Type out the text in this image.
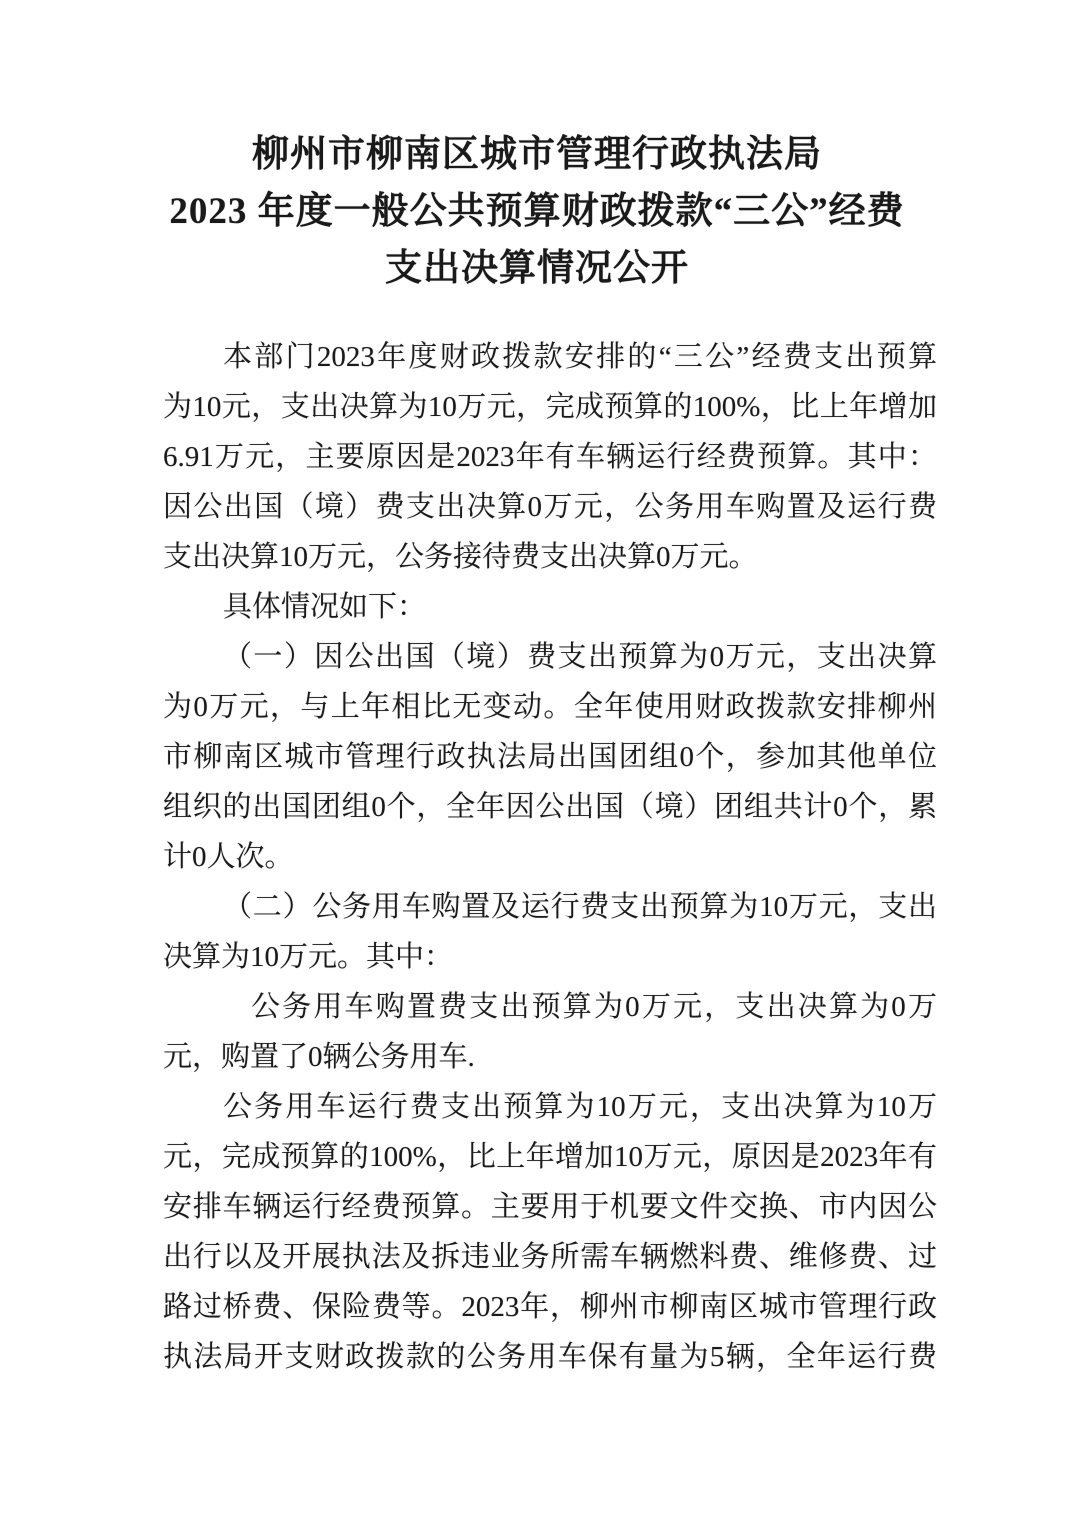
柳州市柳南区城市管理行政执法局
2023 年度一般公共预算财政拨款“三公”经费
支出决算情况公开
本部门2023年度财政拨款安排的“三公”经费支出预算
为10元，支出决算为10万元，完成预算的100%，比上年增加
6.91万元，主要原因是2023年有车辆运行经费预算。其中：
因公出国（境）费支出决算0万元，公务用车购置及运行费
支出决算10万元，公务接待费支出决算0万元。
具体情况如下：
（一）因公出国（境）费支出预算为0万元，支出决算
为0万元，与上年相比无变动。全年使用财政拨款安排柳州
市柳南区城市管理行政执法局出国团组0个，参加其他单位
组织的出国团组0个，全年因公出国（境）团组共计0个，累
计0人次。
（二）公务用车购置及运行费支出预算为10万元，支出
决算为10万元。其中：
公务用车购置费支出预算为0万元，支出决算为0万
元，购置了0辆公务用车.
公务用车运行费支出预算为10万元，支出决算为10万
元，完成预算的100%，比上年增加10万元，原因是2023年有
安排车辆运行经费预算。主要用于机要文件交换、市内因公
出行以及开展执法及拆违业务所需车辆燃料费、维修费、过
路过桥费、保险费等。2023年，柳州市柳南区城市管理行政
执法局开支财政拨款的公务用车保有量为5辆，全年运行费
